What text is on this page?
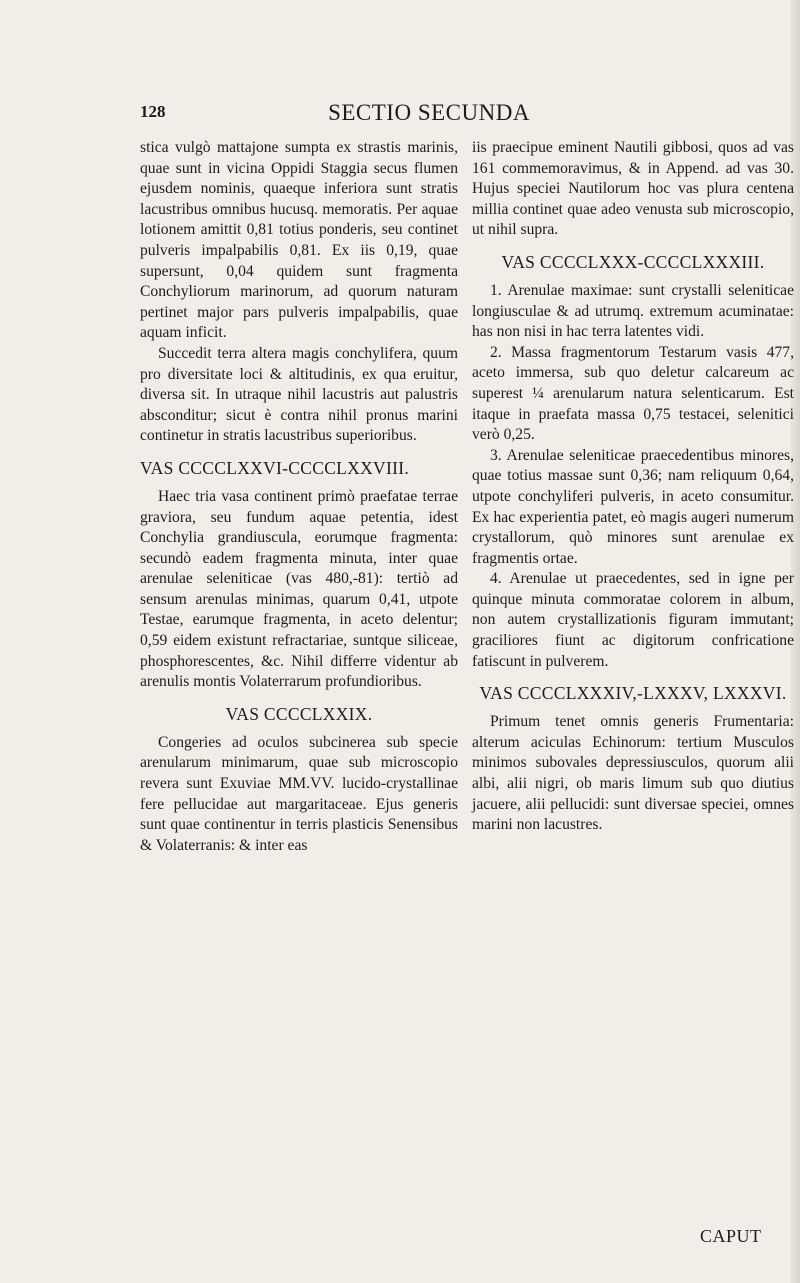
128	SECTIO SECUNDA

stica vulgò mattajone sumpta ex strastis marinis, quae sunt in vicina Oppidi Staggia secus flumen ejusdem nominis, quaeque inferiora sunt stratis lacustribus omnibus hucusq. memoratis. Per aquae lotionem amittit 0,81 totius ponderis, seu continet pulveris impalpabilis 0,81. Ex iis 0,19, quae supersunt, 0,04 quidem sunt fragmenta Conchyliorum marinorum, ad quorum naturam pertinet major pars pulveris impalpabilis, quae aquam inficit.

Succedit terra altera magis conchylifera, quum pro diversitate loci & altitudinis, ex qua eruitur, diversa sit. In utraque nihil lacustris aut palustris absconditur; sicut è contra nihil pronus marini continetur in stratis lacustribus superioribus.

VAS CCCCLXXVI-CCCCLXXVIII.

Haec tria vasa continent primò praefatae terrae graviora, seu fundum aquae petentia, idest Conchylia grandiuscula, eorumque fragmenta: secundò eadem fragmenta minuta, inter quae arenulae seleniticae (vas 480,-81): tertiò ad sensum arenulas minimas, quarum 0,41, utpote Testae, earumque fragmenta, in aceto delentur; 0,59 eidem existunt refractariae, suntque siliceae, phosphorescentes, &c. Nihil differre videntur ab arenulis montis Volaterrarum profundioribus.

VAS CCCCLXXIX.

Congeries ad oculos subcinerea sub specie arenularum minimarum, quae sub microscopio revera sunt Exuviae MM.VV. lucido-crystallinae fere pellucidae aut margaritaceae. Ejus generis sunt quae continentur in terris plasticis Senensibus & Volaterranis: & inter eas

iis praecipue eminent Nautili gibbosi, quos ad vas 161 commemoravimus, & in Append. ad vas 30. Hujus speciei Nautilorum hoc vas plura centena millia continet quae adeo venusta sub microscopio, ut nihil supra.

VAS CCCCLXXX-CCCCLXXXIII.

1. Arenulae maximae: sunt crystalli seleniticae longiusculae & ad utrumq. extremum acuminatae: has non nisi in hac terra latentes vidi.

2. Massa fragmentorum Testarum vasis 477, aceto immersa, sub quo deletur calcareum ac superest ¼ arenularum natura selenticarum. Est itaque in praefata massa 0,75 testacei, selenitici verò 0,25.

3. Arenulae seleniticae praecedentibus minores, quae totius massae sunt 0,36; nam reliquum 0,64, utpote conchyliferi pulveris, in aceto consumitur. Ex hac experientia patet, eò magis augeri numerum crystallorum, quò minores sunt arenulae ex fragmentis ortae.

4. Arenulae ut praecedentes, sed in igne per quinque minuta commoratae colorem in album, non autem crystallizationis figuram immutant; graciliores fiunt ac digitorum confricatione fatiscunt in pulverem.

VAS CCCCLXXXIV,-LXXXV, LXXXVI.

Primum tenet omnis generis Frumentaria: alterum aciculas Echinorum: tertium Musculos minimos subovales depressiusculos, quorum alii albi, alii nigri, ob maris limum sub quo diutius jacuere, alii pellucidi: sunt diversae speciei, omnes marini non lacustres.

CAPUT
